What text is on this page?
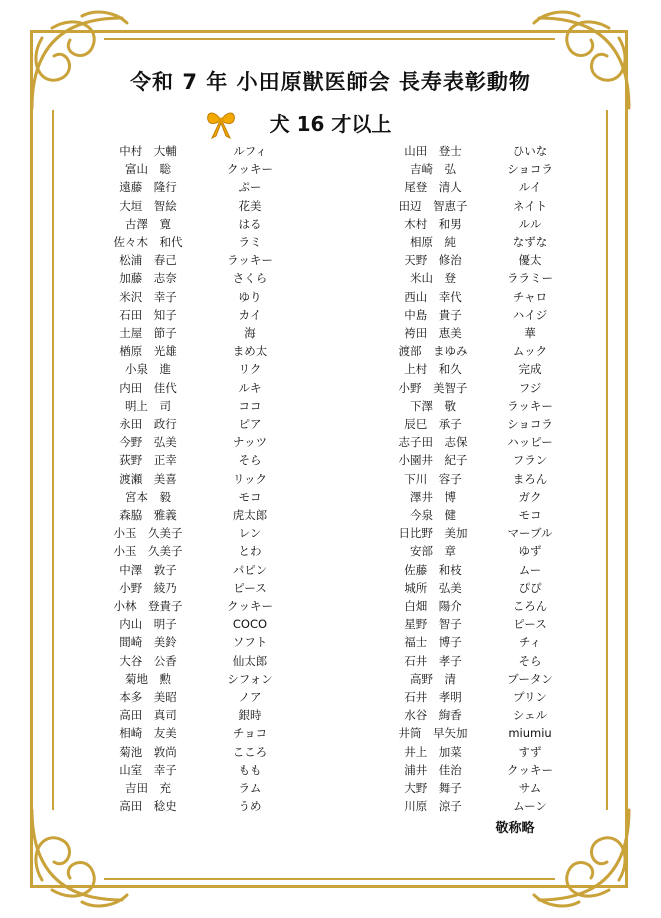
令和 7 年 小田原獣医師会 長寿表彰動物
犬 16 才以上
中村　大輔	ルフィ
富山　聡	クッキー
遠藤　隆行	ぷー
大垣　智絵	花美
古澤　寛	はる
佐々木　和代	ラミ
松浦　春己	ラッキー
加藤　志奈	さくら
米沢　幸子	ゆり
石田　知子	カイ
土屋　節子	海
楢原　光雄	まめ太
小泉　進	リク
内田　佳代	ルキ
明上　司	ココ
永田　政行	ピア
今野　弘美	ナッツ
荻野　正幸	そら
渡瀬　美喜	リック
宮本　毅	モコ
森脇　雅義	虎太郎
小玉　久美子	レン
小玉　久美子	とわ
中澤　敦子	パピン
小野　綾乃	ピース
小林　登貴子	クッキー
内山　明子	COCO
間崎　美鈴	ソフト
大谷　公香	仙太郎
菊地　勲	シフォン
本多　美昭	ノア
高田　真司	銀時
相崎　友美	チョコ
菊池　敦尚	こころ
山室　幸子	もも
吉田　充	ラム
高田　稔史	うめ
山田　登士	ひいな
吉崎　弘	ショコラ
尾登　清人	ルイ
田辺　智恵子	ネイト
木村　和男	ルル
相原　純	なずな
天野　修治	優太
米山　登	ララミー
西山　幸代	チャロ
中島　貴子	ハイジ
袴田　恵美	華
渡部　まゆみ	ムック
上村　和久	完成
小野　美智子	フジ
下澤　敬	ラッキー
辰巳　承子	ショコラ
志子田　志保	ハッピー
小園井　紀子	フラン
下川　容子	まろん
澤井　博	ガク
今泉　健	モコ
日比野　美加	マーブル
安部　章	ゆず
佐藤　和枝	ムー
城所　弘美	ぴぴ
白畑　陽介	ころん
星野　智子	ピース
福士　博子	チィ
石井　孝子	そら
高野　清	ブータン
石井　孝明	プリン
水谷　絢香	シェル
井筒　早矢加	miumiu
井上　加菜	すず
浦井　佳治	クッキー
大野　舞子	サム
川原　涼子	ムーン
敬称略
